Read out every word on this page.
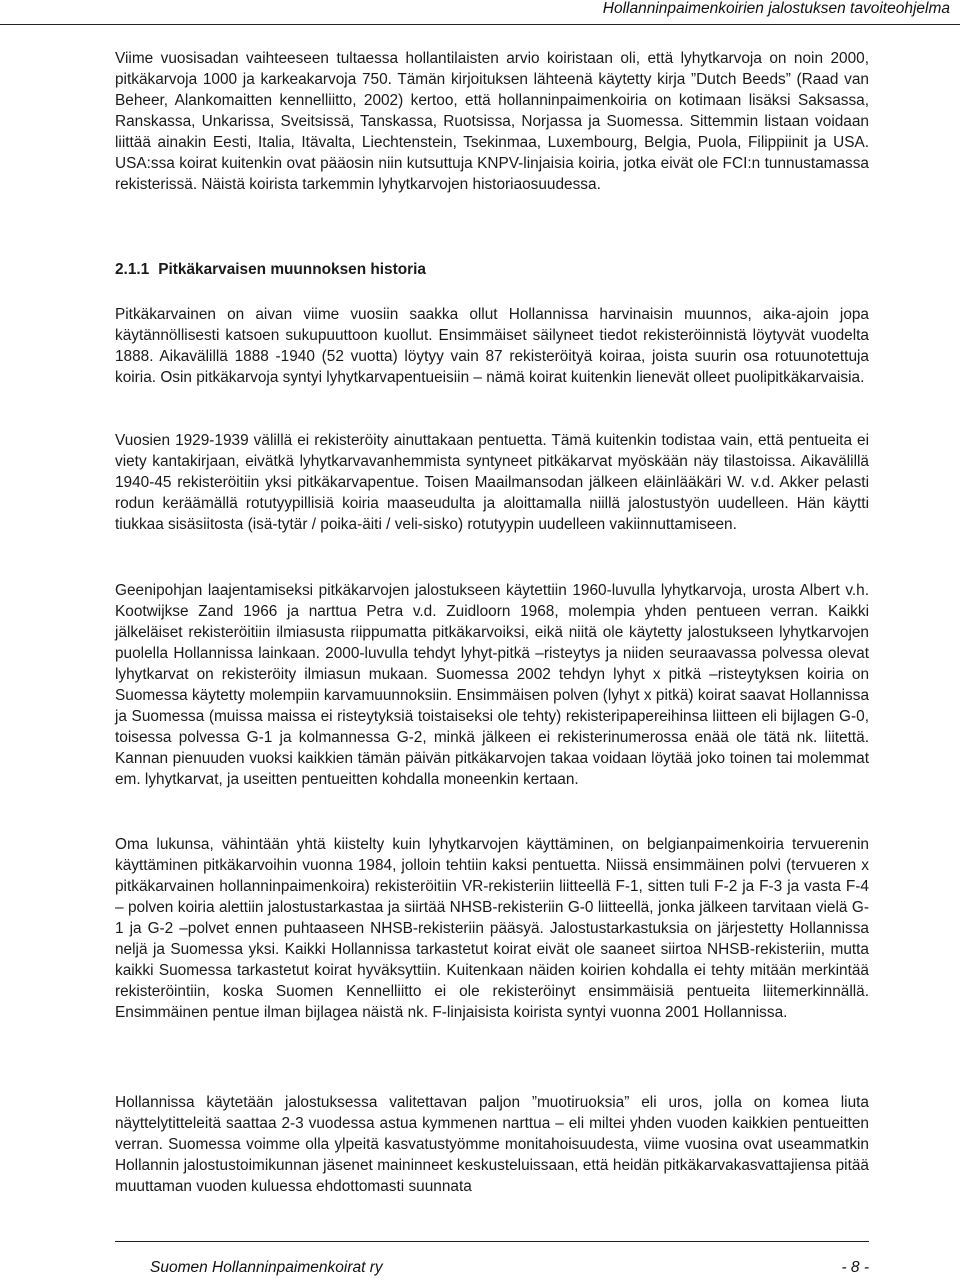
Hollanninpaimenkoirien jalostuksen tavoiteohjelma

Viime vuosisadan vaihteeseen tultaessa hollantilaisten arvio koiristaan oli, että lyhytkarvoja on noin 2000, pitkäkarvoja 1000 ja karkeakarvoja 750. Tämän kirjoituksen lähteenä käytetty kirja ”Dutch Beeds” (Raad van Beheer, Alankomaitten kennelliitto, 2002) kertoo, että hollanninpaimenkoiria on kotimaan lisäksi Saksassa, Ranskassa, Unkarissa, Sveitsissä, Tanskassa, Ruotsissa, Norjassa ja Suomessa. Sittemmin listaan voidaan liittää ainakin Eesti, Italia, Itävalta, Liechtenstein, Tsekinmaa, Luxembourg, Belgia, Puola, Filippiinit ja USA. USA:ssa koirat kuitenkin ovat pääosin niin kutsuttuja KNPV-linjaisia koiria, jotka eivät ole FCI:n tunnustamassa rekisterissä. Näistä koirista tarkemmin lyhytkarvojen historiaosuudessa.

2.1.1 Pitkäkarvaisen muunnoksen historia

Pitkäkarvainen on aivan viime vuosiin saakka ollut Hollannissa harvinaisin muunnos, aika-ajoin jopa käytännöllisesti katsoen sukupuuttoon kuollut. Ensimmäiset säilyneet tiedot rekisteröinnistä löytyvät vuodelta 1888. Aikavälillä 1888 -1940 (52 vuotta) löytyy vain 87 rekisteröityä koiraa, joista suurin osa rotuunotettuja koiria. Osin pitkäkarvoja syntyi lyhytkarvapentueisiin – nämä koirat kuitenkin lienevät olleet puolipitkäkarvaisia.

Vuosien 1929-1939 välillä ei rekisteröity ainuttakaan pentuetta. Tämä kuitenkin todistaa vain, että pentueita ei viety kantakirjaan, eivätkä lyhytkarvavanhemmista syntyneet pitkäkarvat myöskään näy tilastoissa. Aikavälillä 1940-45 rekisteröitiin yksi pitkäkarvapentue. Toisen Maailmansodan jälkeen eläinlääkäri W. v.d. Akker pelasti rodun keräämällä rotutyypillisiä koiria maaseudulta ja aloittamalla niillä jalostustyön uudelleen. Hän käytti tiukkaa sisäsiitosta (isä-tytär / poika-äiti / veli-sisko) rotutyypin uudelleen vakiinnuttamiseen.

Geenipohjan laajentamiseksi pitkäkarvojen jalostukseen käytettiin 1960-luvulla lyhytkarvoja, urosta Albert v.h. Kootwijkse Zand 1966 ja narttua Petra v.d. Zuidloorn 1968, molempia yhden pentueen verran. Kaikki jälkeläiset rekisteröitiin ilmiasusta riippumatta pitkäkarvoiksi, eikä niitä ole käytetty jalostukseen lyhytkarvojen puolella Hollannissa lainkaan. 2000-luvulla tehdyt lyhyt-pitkä –risteytys ja niiden seuraavassa polvessa olevat lyhytkarvat on rekisteröity ilmiasun mukaan. Suomessa 2002 tehdyn lyhyt x pitkä –risteytyksen koiria on Suomessa käytetty molempiin karvamuunnoksiin. Ensimmäisen polven (lyhyt x pitkä) koirat saavat Hollannissa ja Suomessa (muissa maissa ei risteytyksiä toistaiseksi ole tehty) rekisteripapereihinsa liitteen eli bijlagen G-0, toisessa polvessa G-1 ja kolmannessa G-2, minkä jälkeen ei rekisterinumerossa enää ole tätä nk. liitettä. Kannan pienuuden vuoksi kaikkien tämän päivän pitkäkarvojen takaa voidaan löytää joko toinen tai molemmat em. lyhytkarvat, ja useitten pentueitten kohdalla moneenkin kertaan.

Oma lukunsa, vähintään yhtä kiistelty kuin lyhytkarvojen käyttäminen, on belgianpaimenkoiria tervuerenin käyttäminen pitkäkarvoihin vuonna 1984, jolloin tehtiin kaksi pentuetta. Niissä ensimmäinen polvi (tervueren x pitkäkarvainen hollanninpaimenkoira) rekisteröitiin VR-rekisteriin liitteellä F-1, sitten tuli F-2 ja F-3 ja vasta F-4 – polven koiria alettiin jalostustarkastaa ja siirtää NHSB-rekisteriin G-0 liitteellä, jonka jälkeen tarvitaan vielä G-1 ja G-2 –polvet ennen puhtaaseen NHSB-rekisteriin pääsyä. Jalostustarkastuksia on järjestetty Hollannissa neljä ja Suomessa yksi. Kaikki Hollannissa tarkastetut koirat eivät ole saaneet siirtoa NHSB-rekisteriin, mutta kaikki Suomessa tarkastetut koirat hyväksyttiin. Kuitenkaan näiden koirien kohdalla ei tehty mitään merkintää rekisteröintiin, koska Suomen Kennelliitto ei ole rekisteröinyt ensimmäisiä pentueita liitemerkinnällä. Ensimmäinen pentue ilman bijlagea näistä nk. F-linjaisista koirista syntyi vuonna 2001 Hollannissa.

Hollannissa käytetään jalostuksessa valitettavan paljon ”muotiruoksia” eli uros, jolla on komea liuta näyttelytitteleitä saattaa 2-3 vuodessa astua kymmenen narttua – eli miltei yhden vuoden kaikkien pentueitten verran. Suomessa voimme olla ylpeitä kasvatustyömme monitahoisuudesta, viime vuosina ovat useammatkin Hollannin jalostustoimikunnan jäsenet maininneet keskusteluissaan, että heidän pitkäkarvakasvattajiensa pitää muuttaman vuoden kuluessa ehdottomasti suunnata

Suomen Hollanninpaimenkoirat ry	- 8 -
